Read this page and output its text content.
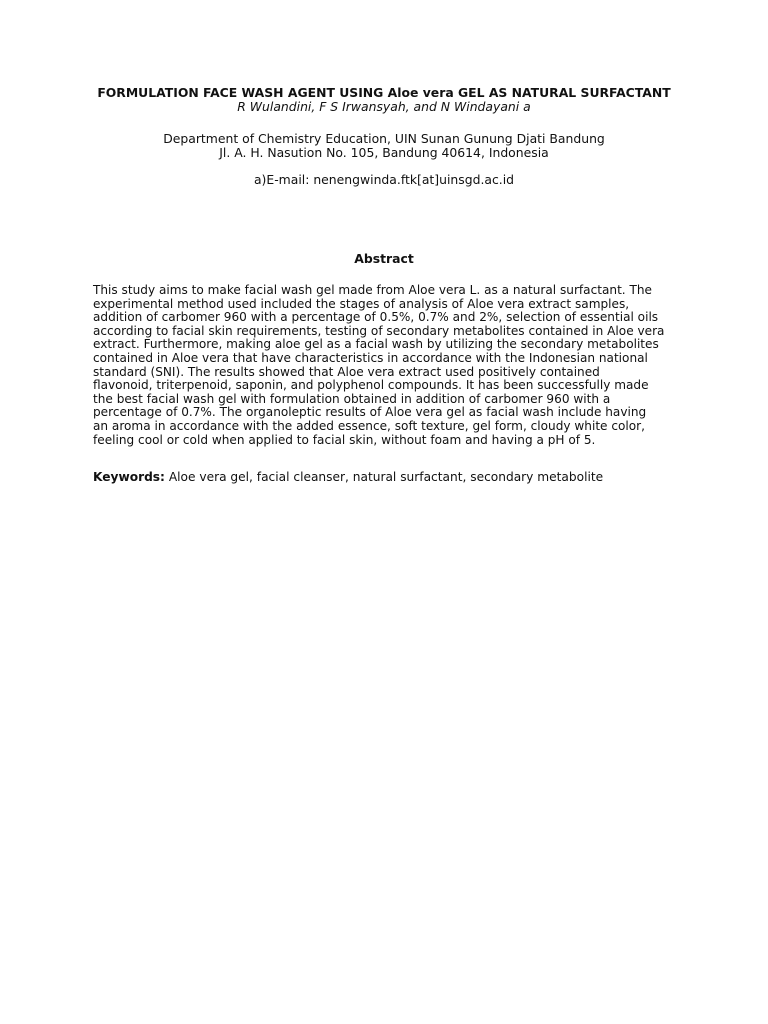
FORMULATION FACE WASH AGENT USING Aloe vera GEL AS NATURAL SURFACTANT
R Wulandini, F S Irwansyah, and N Windayani a
Department of Chemistry Education, UIN Sunan Gunung Djati Bandung
Jl. A. H. Nasution No. 105, Bandung 40614, Indonesia
a)E-mail: nenengwinda.ftk[at]uinsgd.ac.id
Abstract
This study aims to make facial wash gel made from Aloe vera L. as a natural surfactant. The
experimental method used included the stages of analysis of Aloe vera extract samples,
addition of carbomer 960 with a percentage of 0.5%, 0.7% and 2%, selection of essential oils
according to facial skin requirements, testing of secondary metabolites contained in Aloe vera
extract. Furthermore, making aloe gel as a facial wash by utilizing the secondary metabolites
contained in Aloe vera that have characteristics in accordance with the Indonesian national
standard (SNI). The results showed that Aloe vera extract used positively contained
flavonoid, triterpenoid, saponin, and polyphenol compounds. It has been successfully made
the best facial wash gel with formulation obtained in addition of carbomer 960 with a
percentage of 0.7%. The organoleptic results of Aloe vera gel as facial wash include having
an aroma in accordance with the added essence, soft texture, gel form, cloudy white color,
feeling cool or cold when applied to facial skin, without foam and having a pH of 5.
Keywords: Aloe vera gel, facial cleanser, natural surfactant, secondary metabolite
